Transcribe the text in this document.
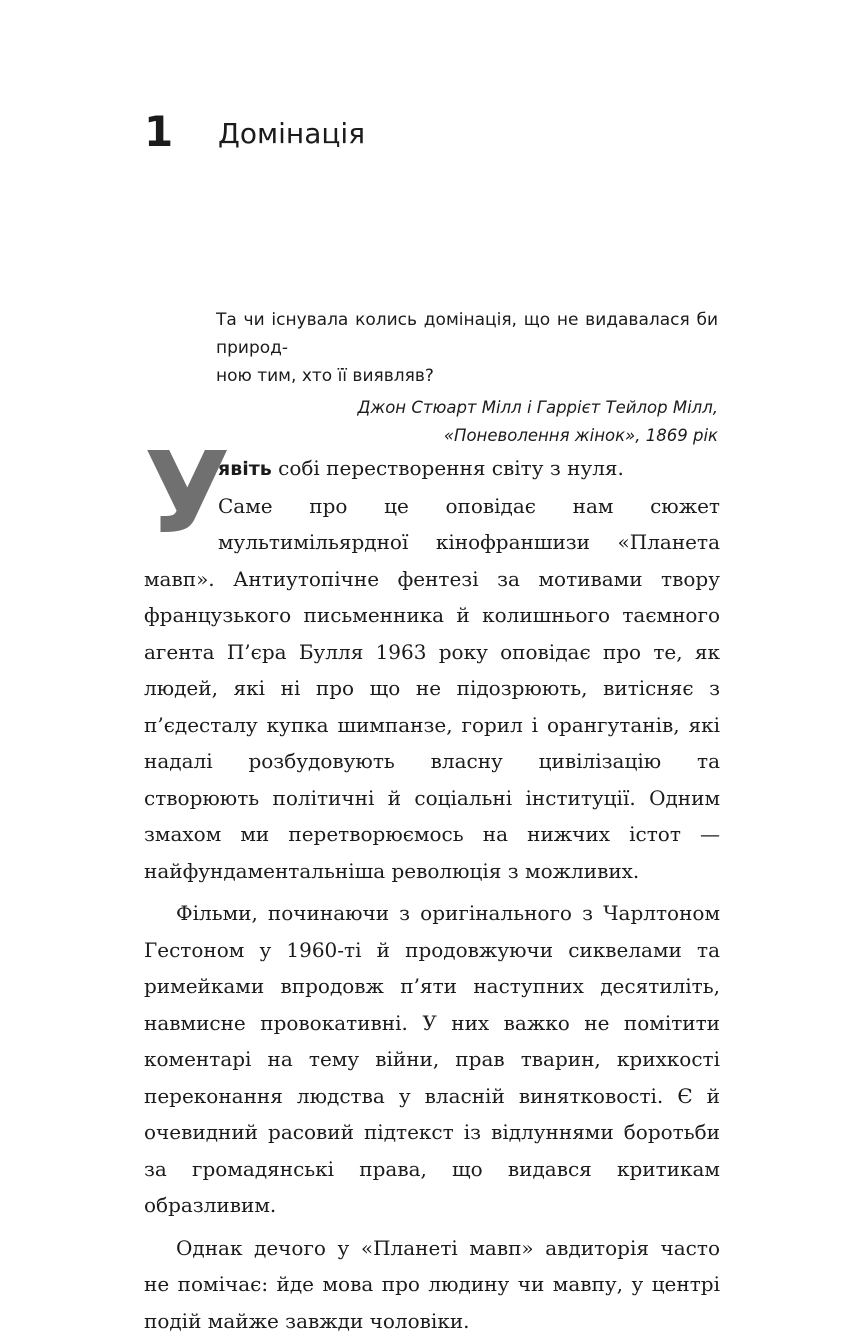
1 Домінація

Та чи існувала колись домінація, що не видавалася би природ-
ною тим, хто її виявляв?

Джон Стюарт Мілл і Гаррієт Тейлор Мілл,

«Поневолення жінок», 1869 рік

У
явіть собі перестворення світу з нуля.
Саме про це оповідає нам сюжет мультимільярдної кінофраншизи «Планета мавп». Антиутопічне фентезі за мотивами твору французького письменника й колишнього таємного агента П’єра Булля 1963 року оповідає про те, як людей, які ні про що не підозрюють, витісняє з п’єдесталу купка шимпанзе, горил і орангутанів, які надалі розбудовують власну цивілізацію та створюють політичні й соціальні інституції. Одним змахом ми перетворюємось на нижчих істот — найфундаментальніша революція з можливих.

Фільми, починаючи з оригінального з Чарлтоном Гестоном у 1960-ті й продовжуючи сиквелами та римейками впродовж п’яти наступних десятиліть, навмисне провокативні. У них важко не помітити коментарі на тему війни, прав тварин, крихкості переконання людства у власній винятковості. Є й очевидний расовий підтекст із відлуннями боротьби за громадянські права, що видався критикам образливим.

Однак дечого у «Планеті мавп» авдиторія часто не помічає: йде мова про людину чи мавпу, у центрі подій майже завжди чоловіки.
